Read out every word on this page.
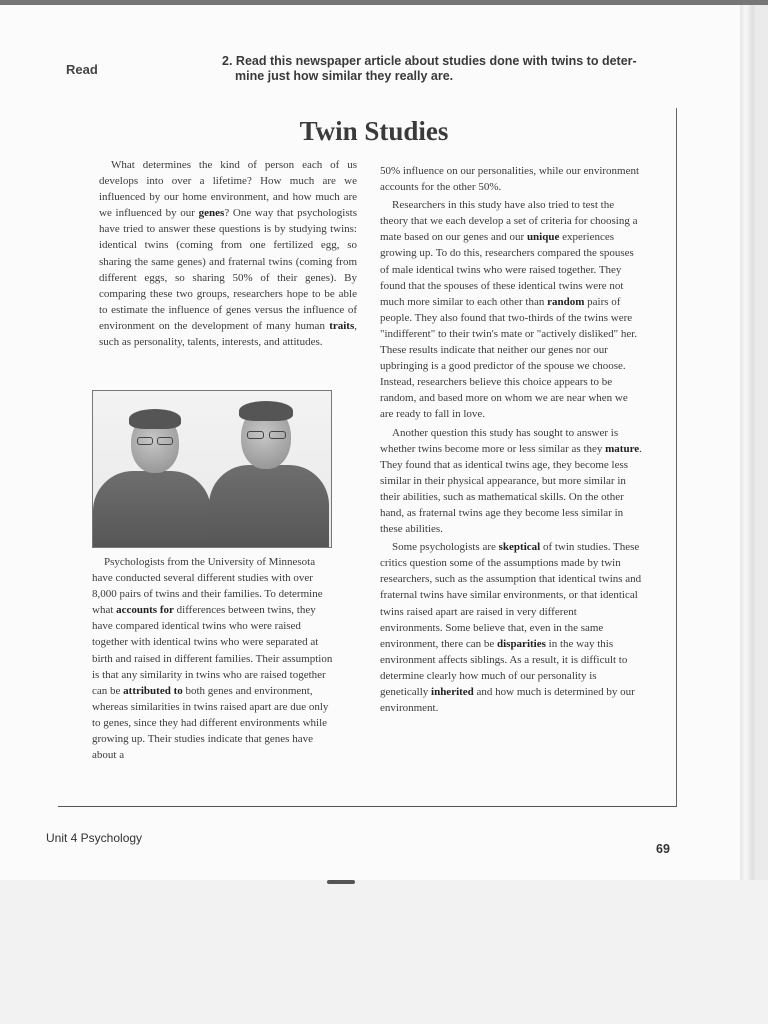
Read
2. Read this newspaper article about studies done with twins to deter-
mine just how similar they really are.
Twin Studies

What determines the kind of person each of us develops into over a lifetime? How much are we influenced by our home environment, and how much are we influenced by our genes? One way that psychologists have tried to answer these questions is by studying twins: identical twins (coming from one fertilized egg, so sharing the same genes) and fraternal twins (coming from different eggs, so sharing 50% of their genes). By comparing these two groups, researchers hope to be able to estimate the influence of genes versus the influence of environment on the development of many human traits, such as personality, talents, interests, and attitudes.

Psychologists from the University of Minnesota have conducted several different studies with over 8,000 pairs of twins and their families. To determine what accounts for differences between twins, they have compared identical twins who were raised together with identical twins who were separated at birth and raised in different families. Their assumption is that any similarity in twins who are raised together can be attributed to both genes and environment, whereas similarities in twins raised apart are due only to genes, since they had different environments while growing up. Their studies indicate that genes have about a

50% influence on our personalities, while our environment accounts for the other 50%.

Researchers in this study have also tried to test the theory that we each develop a set of criteria for choosing a mate based on our genes and our unique experiences growing up. To do this, researchers compared the spouses of male identical twins who were raised together. They found that the spouses of these identical twins were not much more similar to each other than random pairs of people. They also found that two-thirds of the twins were "indifferent" to their twin's mate or "actively disliked" her. These results indicate that neither our genes nor our upbringing is a good predictor of the spouse we choose. Instead, researchers believe this choice appears to be random, and based more on whom we are near when we are ready to fall in love.

Another question this study has sought to answer is whether twins become more or less similar as they mature. They found that as identical twins age, they become less similar in their physical appearance, but more similar in their abilities, such as mathematical skills. On the other hand, as fraternal twins age they become less similar in these abilities.

Some psychologists are skeptical of twin studies. These critics question some of the assumptions made by twin researchers, such as the assumption that identical twins and fraternal twins have similar environments, or that identical twins raised apart are raised in very different environments. Some believe that, even in the same environment, there can be disparities in the way this environment affects siblings. As a result, it is difficult to determine clearly how much of our personality is genetically inherited and how much is determined by our environment.

Unit 4 Psychology
69
